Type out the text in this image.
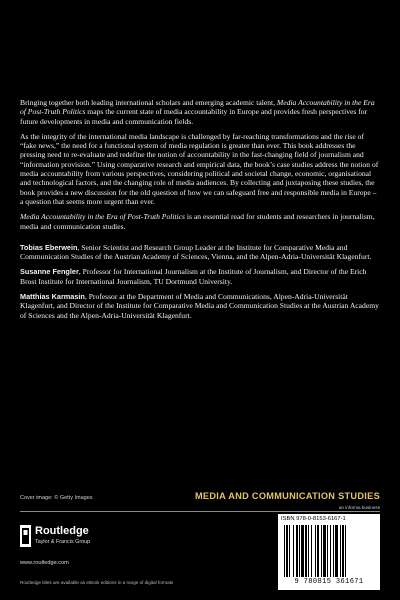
Bringing together both leading international scholars and emerging academic talent, Media Accountability in the Era of Post-Truth Politics maps the current state of media accountability in Europe and provides fresh perspectives for future developments in media and communication fields.

As the integrity of the international media landscape is challenged by far-reaching transformations and the rise of “fake news,” the need for a functional system of media regulation is greater than ever. This book addresses the pressing need to re-evaluate and redefine the notion of accountability in the fast-changing field of journalism and “information provision.” Using comparative research and empirical data, the book’s case studies address the notion of media accountability from various perspectives, considering political and societal change, economic, organisational and technological factors, and the changing role of media audiences. By collecting and juxtaposing these studies, the book provides a new discussion for the old question of how we can safeguard free and responsible media in Europe – a question that seems more urgent than ever.

Media Accountability in the Era of Post-Truth Politics is an essential read for students and researchers in journalism, media and communication studies.

Tobias Eberwein, Senior Scientist and Research Group Leader at the Institute for Comparative Media and Communication Studies of the Austrian Academy of Sciences, Vienna, and the Alpen-Adria-Universität Klagenfurt.

Susanne Fengler, Professor for International Journalism at the Institute of Journalism, and Director of the Erich Brost Institute for International Journalism, TU Dortmund University.

Matthias Karmasin, Professor at the Department of Media and Communications, Alpen-Adria-Universität Klagenfurt, and Director of the Institute for Comparative Media and Communication Studies at the Austrian Academy of Sciences and the Alpen-Adria-Universität Klagenfurt.

Cover image: © Getty Images	MEDIA AND COMMUNICATION STUDIES
Routledge
Taylor & Francis Group
www.routledge.com
Routledge titles are available as eBook editions in a range of digital formats
an informa business
ISBN 978-0-8153-6167-1
9 780815 361671
